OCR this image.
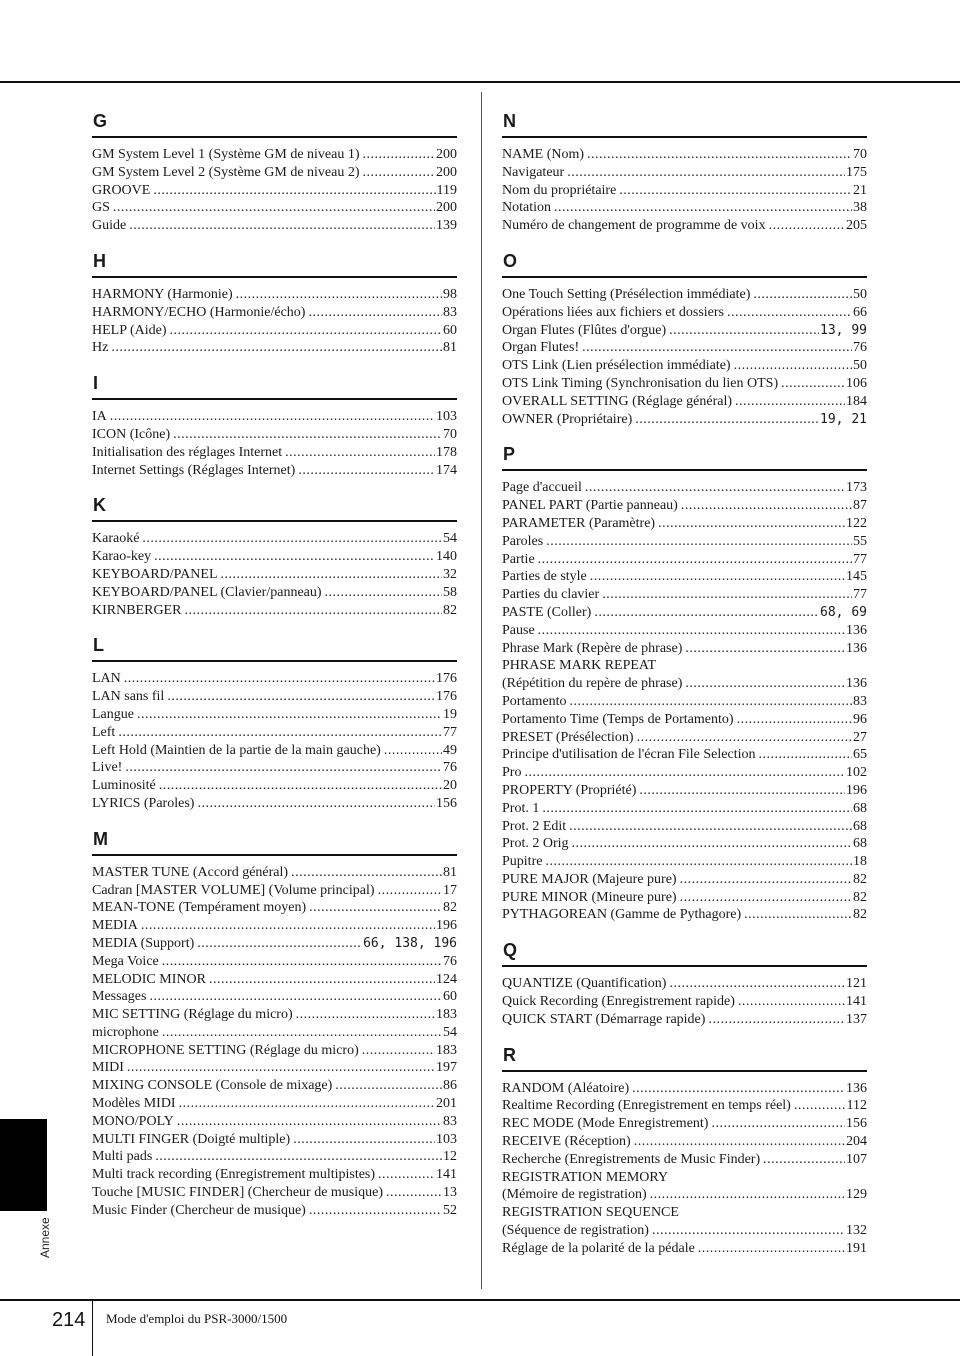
G
GM System Level 1 (Système GM de niveau 1) .....	200
GM System Level 2 (Système GM de niveau 2) .....	200
GROOVE .....	119
GS .....	200
Guide .....	139
H
HARMONY (Harmonie) .....	98
HARMONY/ECHO (Harmonie/écho) .....	83
HELP (Aide) .....	60
Hz .....	81
I
IA .....	103
ICON (Icône) .....	70
Initialisation des réglages Internet .....	178
Internet Settings (Réglages Internet) .....	174
K
Karaoké .....	54
Karao-key .....	140
KEYBOARD/PANEL .....	32
KEYBOARD/PANEL (Clavier/panneau) .....	58
KIRNBERGER .....	82
L
LAN .....	176
LAN sans fil .....	176
Langue .....	19
Left .....	77
Left Hold (Maintien de la partie de la main gauche) .....	49
Live! .....	76
Luminosité .....	20
LYRICS (Paroles) .....	156
M
MASTER TUNE (Accord général) .....	81
Cadran [MASTER VOLUME] (Volume principal) .....	17
MEAN-TONE (Tempérament moyen) .....	82
MEDIA .....	196
MEDIA (Support) .....	66, 138, 196
Mega Voice .....	76
MELODIC MINOR .....	124
Messages .....	60
MIC SETTING (Réglage du micro) .....	183
microphone .....	54
MICROPHONE SETTING (Réglage du micro) .....	183
MIDI .....	197
MIXING CONSOLE (Console de mixage) .....	86
Modèles MIDI .....	201
MONO/POLY .....	83
MULTI FINGER (Doigté multiple) .....	103
Multi pads .....	12
Multi track recording (Enregistrement multipistes) .....	141
Touche [MUSIC FINDER] (Chercheur de musique) .....	13
Music Finder (Chercheur de musique) .....	52
N
NAME (Nom) .....	70
Navigateur .....	175
Nom du propriétaire .....	21
Notation .....	38
Numéro de changement de programme de voix .....	205
O
One Touch Setting (Présélection immédiate) .....	50
Opérations liées aux fichiers et dossiers .....	66
Organ Flutes (Flûtes d'orgue) .....	13, 99
Organ Flutes! .....	76
OTS Link (Lien présélection immédiate) .....	50
OTS Link Timing (Synchronisation du lien OTS) .....	106
OVERALL SETTING (Réglage général) .....	184
OWNER (Propriétaire) .....	19, 21
P
Page d'accueil .....	173
PANEL PART (Partie panneau) .....	87
PARAMETER (Paramètre) .....	122
Paroles .....	55
Partie .....	77
Parties de style .....	145
Parties du clavier .....	77
PASTE (Coller) .....	68, 69
Pause .....	136
Phrase Mark (Repère de phrase) .....	136
PHRASE MARK REPEAT
(Répétition du repère de phrase) .....	136
Portamento .....	83
Portamento Time (Temps de Portamento) .....	96
PRESET (Présélection) .....	27
Principe d'utilisation de l'écran File Selection .....	65
Pro .....	102
PROPERTY (Propriété) .....	196
Prot. 1 .....	68
Prot. 2 Edit .....	68
Prot. 2 Orig .....	68
Pupitre .....	18
PURE MAJOR (Majeure pure) .....	82
PURE MINOR (Mineure pure) .....	82
PYTHAGOREAN (Gamme de Pythagore) .....	82
Q
QUANTIZE (Quantification) .....	121
Quick Recording (Enregistrement rapide) .....	141
QUICK START (Démarrage rapide) .....	137
R
RANDOM (Aléatoire) .....	136
Realtime Recording (Enregistrement en temps réel) .....	112
REC MODE (Mode Enregistrement) .....	156
RECEIVE (Réception) .....	204
Recherche (Enregistrements de Music Finder) .....	107
REGISTRATION MEMORY
(Mémoire de registration) .....	129
REGISTRATION SEQUENCE
(Séquence de registration) .....	132
Réglage de la polarité de la pédale .....	191
Annexe
214 Mode d'emploi du PSR-3000/1500
